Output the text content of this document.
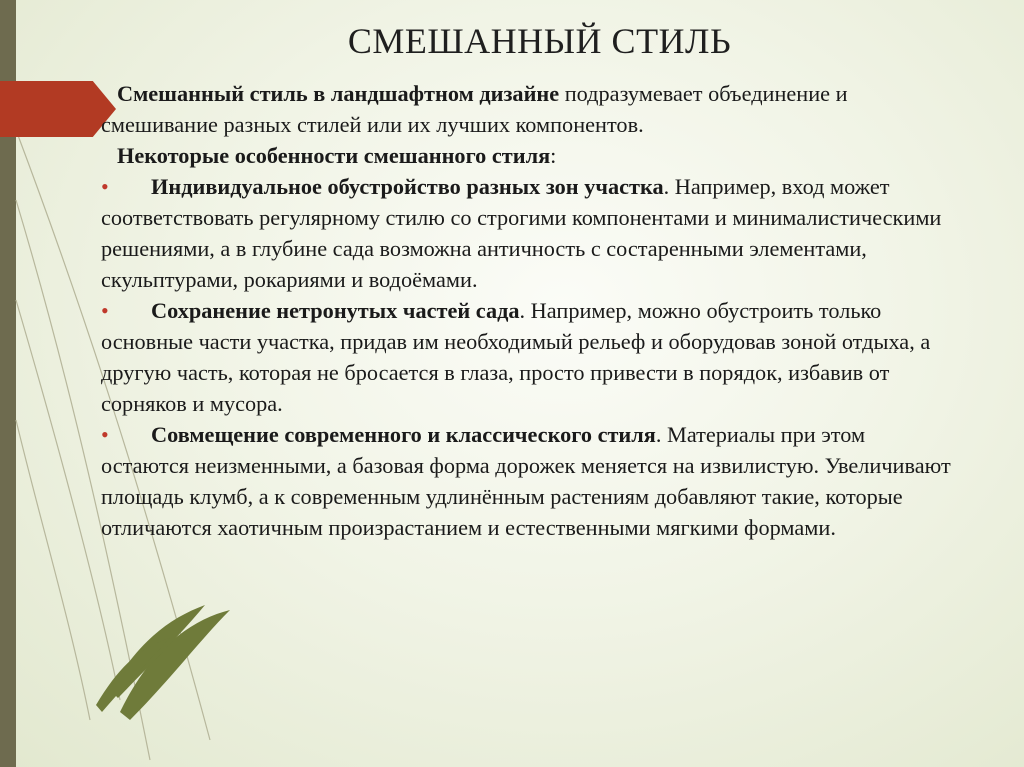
СМЕШАННЫЙ СТИЛЬ

Смешанный стиль в ландшафтном дизайне подразумевает объединение и смешивание разных стилей или их лучших компонентов.

Некоторые особенности смешанного стиля:

• Индивидуальное обустройство разных зон участка. Например, вход может соответствовать регулярному стилю со строгими компонентами и минималистическими решениями, а в глубине сада возможна античность с состаренными элементами, скульптурами, рокариями и водоёмами.

• Сохранение нетронутых частей сада. Например, можно обустроить только основные части участка, придав им необходимый рельеф и оборудовав зоной отдыха, а другую часть, которая не бросается в глаза, просто привести в порядок, избавив от сорняков и мусора.

• Совмещение современного и классического стиля. Материалы при этом остаются неизменными, а базовая форма дорожек меняется на извилистую. Увеличивают площадь клумб, а к современным удлинённым растениям добавляют такие, которые отличаются хаотичным произрастанием и естественными мягкими формами.
